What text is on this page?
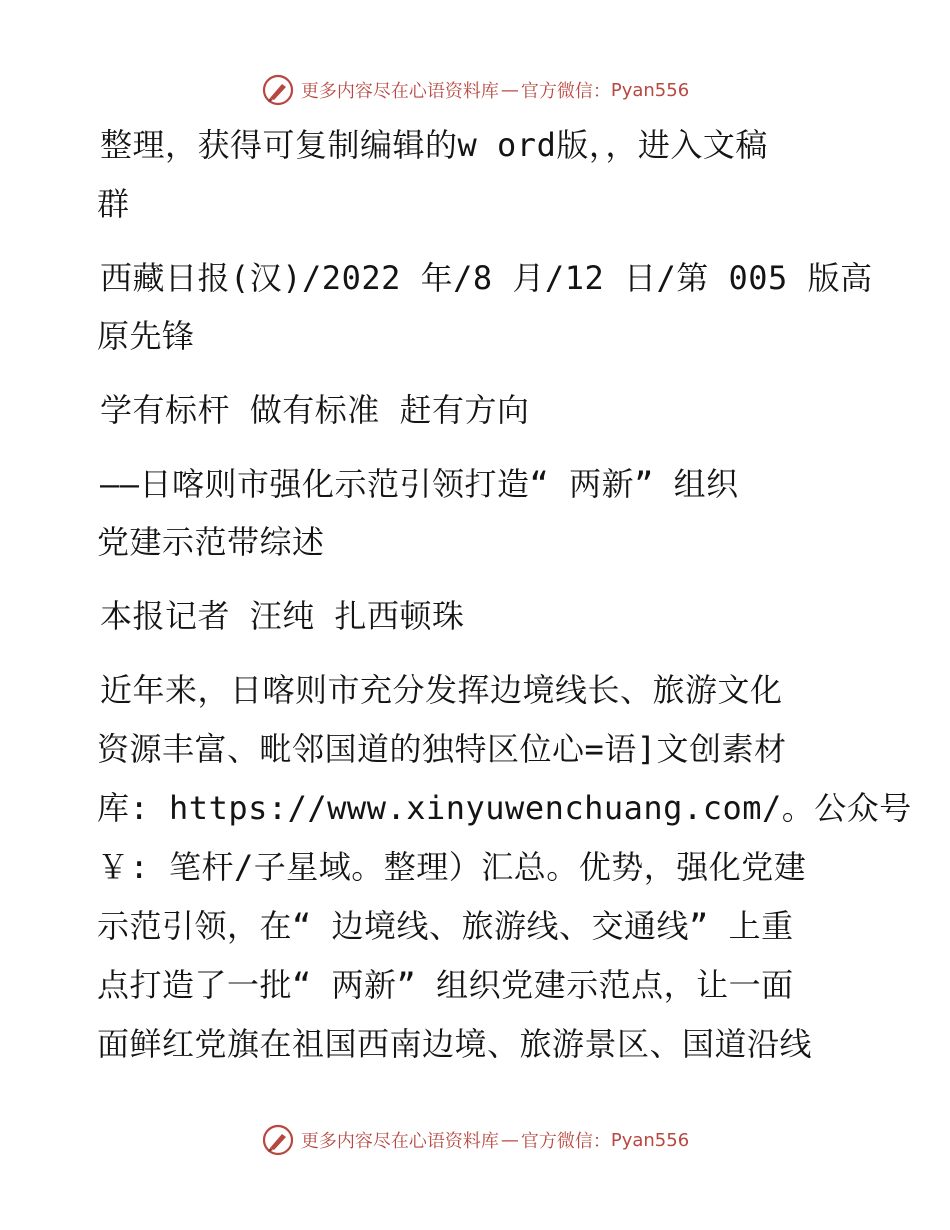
更多内容尽在心语资料库 — 官方微信： Pyan556
整理，获得可复制编辑的w ord版，，进入文稿
群
西藏日报(汉)/2022 年/8 月/12 日/第 005 版高
原先锋
学有标杆 做有标准 赶有方向
——日喀则市强化示范引领打造“ 两新” 组织
党建示范带综述
本报记者 汪纯 扎西顿珠
近年来，日喀则市充分发挥边境线长、旅游文化
资源丰富、毗邻国道的独特区位心=语]文创素材
库: https://www.xinyuwenchuang.com/。公众号
￥: 笔杆/子星域。整理）汇总。优势，强化党建
示范引领，在“ 边境线、旅游线、交通线” 上重
点打造了一批“ 两新” 组织党建示范点，让一面
面鲜红党旗在祖国西南边境、旅游景区、国道沿线
更多内容尽在心语资料库 — 官方微信： Pyan556
